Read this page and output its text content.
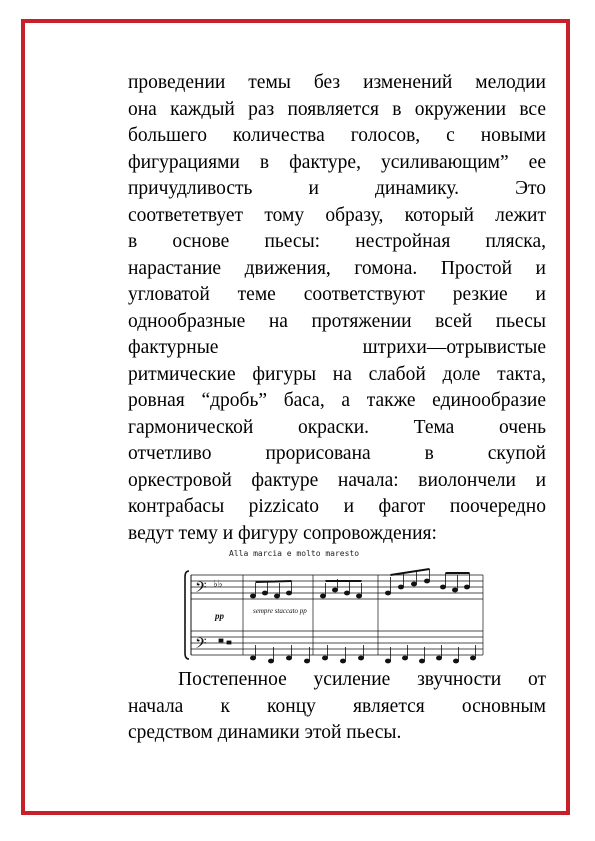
проведении темы без изменений мелодии
она каждый раз появляется в окружении все
большего количества голосов, с новыми
фигурациями в фактуре, усиливающим” ее
причудливость и динамику. Это
соответетвует тому образу, который лежит
в основе пьесы: нестройная пляска,
нарастание движения, гомона. Простой и
угловатой теме соответствуют резкие и
однообразные на протяжении всей пьесы
фактурные штрихи—отрывистые
ритмические фигуры на слабой доле такта,
ровная “дробь” баса, а также единообразие
гармонической окраски. Тема очень
отчетливо прорисована в скупой
оркестровой фактуре начала: виолончели и
контрабасы pizzicato и фагот поочередно
ведут тему и фигуру сопровождения:
Alla marcia e molto maresto
𝄢
𝄢
♭♭
pp	sempre staccato pp
Постепенное усиление звучности от
начала к концу является основным
средством динамики этой пьесы.
